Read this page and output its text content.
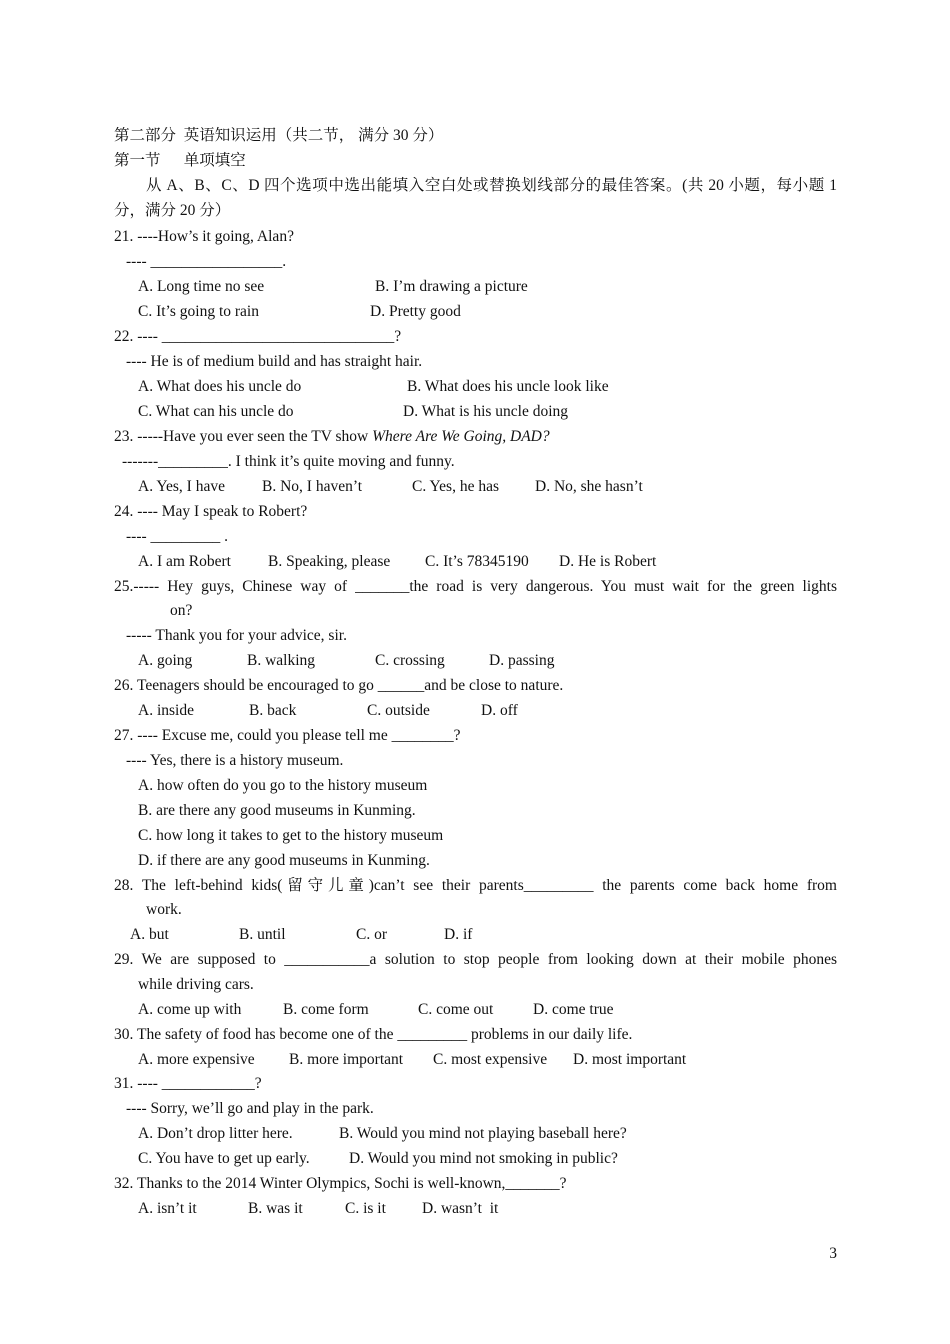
第二部分  英语知识运用（共二节， 满分 30 分）
第一节      单项填空
从 A、B、C、D 四个选项中选出能填入空白处或替换划线部分的最佳答案。(共 20 小题，每小题 1
分，满分 20 分）
21. ----How’s it going, Alan?
---- _________________.
A. Long time no see	B. I’m drawing a picture
C. It’s going to rain	D. Pretty good
22. ---- ______________________________?
---- He is of medium build and has straight hair.
A. What does his uncle do	B. What does his uncle look like
C. What can his uncle do	D. What is his uncle doing
23. -----Have you ever seen the TV show Where Are We Going, DAD?
-------_________. I think it’s quite moving and funny.
A. Yes, I have B. No, I haven’t	C. Yes, he has D. No, she hasn’t
24. ---- May I speak to Robert?
---- _________ .
A. I am Robert B. Speaking, please C. It’s 78345190 D. He is Robert
25.----- Hey guys, Chinese way of _______the road is very dangerous. You must wait for the green lights
on?
----- Thank you for your advice, sir.
A. going	B. walking	C. crossing	D. passing
26. Teenagers should be encouraged to go ______and be close to nature.
A. inside	B. back	C. outside	D. off
27. ---- Excuse me, could you please tell me ________?
---- Yes, there is a history museum.
A. how often do you go to the history museum
B. are there any good museums in Kunming.
C. how long it takes to get to the history museum
D. if there are any good museums in Kunming.
28. The left-behind kids(留守儿童)can’t see their parents_________ the parents come back home from
work.
A. but	B. until	C. or	D. if
29. We are supposed to ___________a solution to stop people from looking down at their mobile phones
while driving cars.
A. come up with	B. come form	C. come out	D. come true
30. The safety of food has become one of the _________ problems in our daily life.
A. more expensive B. more important C. most expensive D. most important
31. ---- ____________?
---- Sorry, we’ll go and play in the park.
A. Don’t drop litter here.	B. Would you mind not playing baseball here?
C. You have to get up early.	D. Would you mind not smoking in public?
32. Thanks to the 2014 Winter Olympics, Sochi is well-known,_______?
A. isn’t it	B. was it	C. is it D. wasn’t  it
3
